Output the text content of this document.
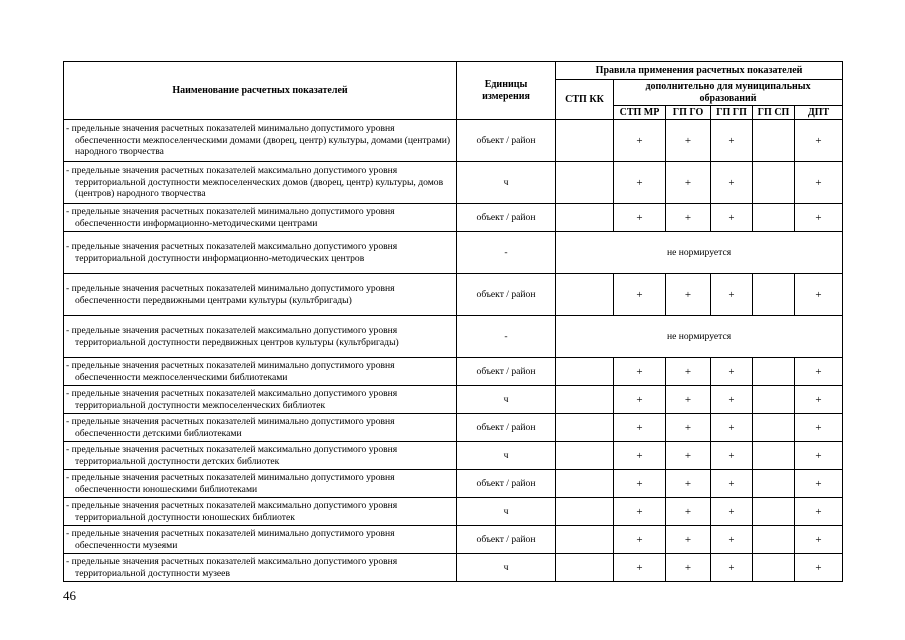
Наименование расчетных показателей	Единицы измерения	Правила применения расчетных показателей					
		СТП КК	дополнительно для муниципальных образований				
			СТП МР	ГП ГО	ГП ГП	ГП СП	ДПТ

- предельные значения расчетных показателей минимально допустимого уровня обеспеченности межпоселенческими домами (дворец, центр) культуры, домами (центрами) народного творчества	объект / район		+	+	+		+

- предельные значения расчетных показателей максимально допустимого уровня территориальной доступности межпоселенческих домов (дворец, центр) культуры, домов (центров) народного творчества	ч		+	+	+		+

- предельные значения расчетных показателей минимально допустимого уровня обеспеченности информационно-методическими центрами	объект / район		+	+	+		+

- предельные значения расчетных показателей максимально допустимого уровня территориальной доступности информационно-методических центров	-	не нормируется					

- предельные значения расчетных показателей минимально допустимого уровня обеспеченности передвижными центрами культуры (культбригады)	объект / район		+	+	+		+

- предельные значения расчетных показателей максимально допустимого уровня территориальной доступности передвижных центров культуры (культбригады)	-	не нормируется					

- предельные значения расчетных показателей минимально допустимого уровня обеспеченности межпоселенческими библиотеками	объект / район		+	+	+		+

- предельные значения расчетных показателей максимально допустимого уровня территориальной доступности межпоселенческих библиотек	ч		+	+	+		+

- предельные значения расчетных показателей минимально допустимого уровня обеспеченности детскими библиотеками	объект / район		+	+	+		+

- предельные значения расчетных показателей максимально допустимого уровня территориальной доступности детских библиотек	ч		+	+	+		+

- предельные значения расчетных показателей минимально допустимого уровня обеспеченности юношескими библиотеками	объект / район		+	+	+		+

- предельные значения расчетных показателей максимально допустимого уровня территориальной доступности юношеских библиотек	ч		+	+	+		+

- предельные значения расчетных показателей минимально допустимого уровня обеспеченности музеями	объект / район		+	+	+		+

- предельные значения расчетных показателей максимально допустимого уровня территориальной доступности музеев	ч		+	+	+		+
46
